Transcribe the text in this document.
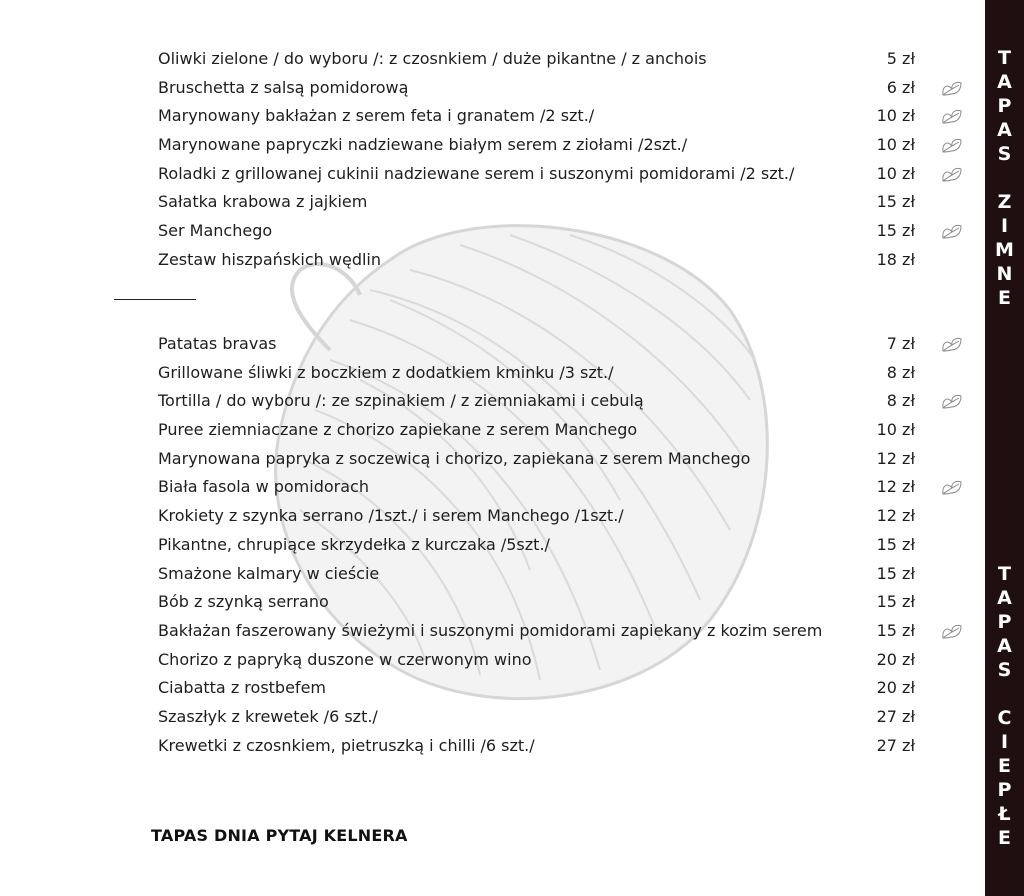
Oliwki zielone / do wyboru /: z czosnkiem / duże pikantne / z anchois	5 zł
Bruschetta z salsą pomidorową	6 zł
Marynowany bakłażan z serem feta i granatem /2 szt./	10 zł
Marynowane papryczki nadziewane białym serem z ziołami /2szt./	10 zł
Roladki z grillowanej cukinii nadziewane serem i suszonymi pomidorami /2 szt./	10 zł
Sałatka krabowa z jajkiem	15 zł
Ser Manchego	15 zł
Zestaw hiszpańskich wędlin	18 zł
Patatas bravas	7 zł
Grillowane śliwki z boczkiem z dodatkiem kminku /3 szt./	8 zł
Tortilla / do wyboru /: ze szpinakiem / z ziemniakami i cebulą	8 zł
Puree ziemniaczane z chorizo zapiekane z serem Manchego	10 zł
Marynowana papryka z soczewicą i chorizo, zapiekana z serem Manchego	12 zł
Biała fasola w pomidorach	12 zł
Krokiety z szynka serrano /1szt./ i serem Manchego /1szt./	12 zł
Pikantne, chrupiące skrzydełka z kurczaka /5szt./	15 zł
Smażone kalmary w cieście	15 zł
Bób z szynką serrano	15 zł
Bakłażan faszerowany świeżymi i suszonymi pomidorami zapiekany z kozim serem	15 zł
Chorizo z papryką duszone w czerwonym wino	20 zł
Ciabatta z rostbefem	20 zł
Szaszłyk z krewetek /6 szt./	27 zł
Krewetki z czosnkiem, pietruszką i chilli /6 szt./	27 zł
TAPAS DNIA PYTAJ KELNERA
T
A
P
A
S
Z
I
M
N
E
T
A
P
A
S
C
I
E
P
Ł
E
